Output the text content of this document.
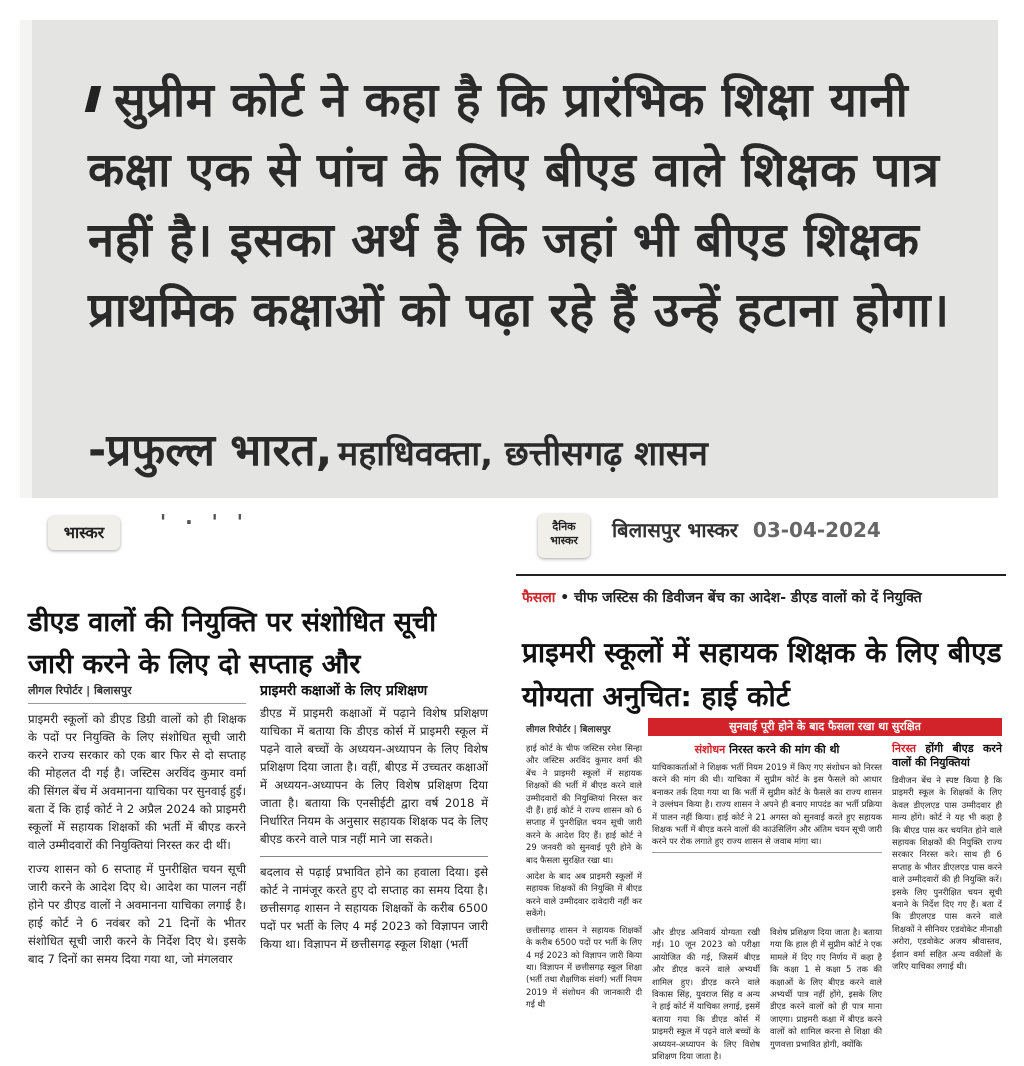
सुप्रीम कोर्ट ने कहा है कि प्रारंभिक शिक्षा यानी कक्षा एक से पांच के लिए बीएड वाले शिक्षक पात्र नहीं है। इसका अर्थ है कि जहां भी बीएड शिक्षक प्राथमिक कक्षाओं को पढ़ा रहे हैं उन्हें हटाना होगा।

-प्रफुल्ल भारत, महाधिवक्ता, छत्तीसगढ़ शासन
भास्कर	' · ' '
डीएड वालों की नियुक्ति पर संशोधित सूची जारी करने के लिए दो सप्ताह और
लीगल रिपोर्टर | बिलासपुर

प्राइमरी स्कूलों को डीएड डिग्री वालों को ही शिक्षक के पदों पर नियुक्ति के लिए संशोधित सूची जारी करने राज्य सरकार को एक बार फिर से दो सप्ताह की मोहलत दी गई है। जस्टिस अरविंद कुमार वर्मा की सिंगल बेंच में अवमानना याचिका पर सुनवाई हुई। बता दें कि हाई कोर्ट ने 2 अप्रैल 2024 को प्राइमरी स्कूलों में सहायक शिक्षकों की भर्ती में बीएड करने वाले उम्मीदवारों की नियुक्तियां निरस्त कर दी थीं।

राज्य शासन को 6 सप्ताह में पुनरीक्षित चयन सूची जारी करने के आदेश दिए थे। आदेश का पालन नहीं होने पर डीएड वालों ने अवमानना याचिका लगाई है। हाई कोर्ट ने 6 नवंबर को 21 दिनों के भीतर संशोधित सूची जारी करने के निर्देश दिए थे। इसके बाद 7 दिनों का समय दिया गया था, जो मंगलवार

प्राइमरी कक्षाओं के लिए प्रशिक्षण

डीएड में प्राइमरी कक्षाओं में पढ़ाने विशेष प्रशिक्षण याचिका में बताया कि डीएड कोर्स में प्राइमरी स्कूल में पढ़ने वाले बच्चों के अध्ययन-अध्यापन के लिए विशेष प्रशिक्षण दिया जाता है। वहीं, बीएड में उच्चतर कक्षाओं में अध्ययन-अध्यापन के लिए विशेष प्रशिक्षण दिया जाता है। बताया कि एनसीईटी द्वारा वर्ष 2018 में निर्धारित नियम के अनुसार सहायक शिक्षक पद के लिए बीएड करने वाले पात्र नहीं माने जा सकते।

बदलाव से पढ़ाई प्रभावित होने का हवाला दिया। इसे कोर्ट ने नामंजूर करते हुए दो सप्ताह का समय दिया है। छत्तीसगढ़ शासन ने सहायक शिक्षकों के करीब 6500 पदों पर भर्ती के लिए 4 मई 2023 को विज्ञापन जारी किया था। विज्ञापन में छत्तीसगढ़ स्कूल शिक्षा (भर्ती

दैनिक भास्कर	बिलासपुर भास्कर 03-04-2024
फैसला • चीफ जस्टिस की डिवीजन बेंच का आदेश- डीएड वालों को दें नियुक्ति
प्राइमरी स्कूलों में सहायक शिक्षक के लिए बीएड योग्यता अनुचित: हाई कोर्ट
लीगल रिपोर्टर | बिलासपुर	सुनवाई पूरी होने के बाद फैसला रखा था सुरक्षित

हाई कोर्ट के चीफ जस्टिस रमेश सिन्हा और जस्टिस अरविंद कुमार वर्मा की बेंच ने प्राइमरी स्कूलों में सहायक शिक्षकों की भर्ती में बीएड करने वाले उम्मीदवारों की नियुक्तियां निरस्त कर दी हैं। हाई कोर्ट ने राज्य शासन को 6 सप्ताह में पुनरीक्षित चयन सूची जारी करने के आदेश दिए हैं। हाई कोर्ट ने 29 जनवरी को सुनवाई पूरी होने के बाद फैसला सुरक्षित रखा था।

आदेश के बाद अब प्राइमरी स्कूलों में सहायक शिक्षकों की नियुक्ति में बीएड करने वाले उम्मीदवार दावेदारी नहीं कर सकेंगे।

छत्तीसगढ़ शासन ने सहायक शिक्षकों के करीब 6500 पदों पर भर्ती के लिए 4 मई 2023 को विज्ञापन जारी किया था। विज्ञापन में छत्तीसगढ़ स्कूल शिक्षा (भर्ती तथा शैक्षणिक संवर्ग) भर्ती नियम 2019 में संशोधन की जानकारी दी गई थी

संशोधन निरस्त करने की मांग की थी
याचिकाकर्ताओं ने शिक्षक भर्ती नियम 2019 में किए गए संशोधन को निरस्त करने की मांग की थी। याचिका में सुप्रीम कोर्ट के इस फैसले को आधार बनाकर तर्क दिया गया था कि भर्ती में सुप्रीम कोर्ट के फैसले का राज्य शासन ने उल्लंघन किया है। राज्य शासन ने अपने ही बनाए मापदंड का भर्ती प्रक्रिया में पालन नहीं किया। हाई कोर्ट ने 21 अगस्त को सुनवाई करते हुए सहायक शिक्षक भर्ती में बीएड करने वालों की काउंसिलिंग और अंतिम चयन सूची जारी करने पर रोक लगाते हुए राज्य शासन से जवाब मांगा था।

और डीएड अनिवार्य योग्यता रखी गई। 10 जून 2023 को परीक्षा आयोजित की गई, जिसमें बीएड और डीएड करने वाले अभ्यर्थी शामिल हुए। डीएड करने वाले विकास सिंह, युवराज सिंह व अन्य ने हाई कोर्ट में याचिका लगाई, इसमें बताया गया कि डीएड कोर्स में प्राइमरी स्कूल में पढ़ने वाले बच्चों के अध्ययन-अध्यापन के लिए विशेष प्रशिक्षण दिया जाता है।

विशेष प्रशिक्षण दिया जाता है। बताया गया कि हाल ही में सुप्रीम कोर्ट ने एक मामले में दिए गए निर्णय में कहा है कि कक्षा 1 से कक्षा 5 तक की कक्षाओं के लिए बीएड करने वाले अभ्यर्थी पात्र नहीं होंगे, इसके लिए डीएड करने वालों को ही पात्र माना जाएगा। प्राइमरी कक्षा में बीएड करने वालों को शामिल करना से शिक्षा की गुणवत्ता प्रभावित होगी, क्योंकि

निरस्त होंगी बीएड करने वालों की नियुक्तियां

डिवीजन बेंच ने स्पष्ट किया है कि प्राइमरी स्कूल के शिक्षकों के लिए केवल डीएलएड पास उम्मीदवार ही मान्य होंगे। कोर्ट ने यह भी कहा है कि बीएड पास कर चयनित होने वाले सहायक शिक्षकों की नियुक्ति राज्य सरकार निरस्त करे। साथ ही 6 सप्ताह के भीतर डीएलएड पास करने वाले उम्मीदवारों की ही नियुक्ति करें। इसके लिए पुनरीक्षित चयन सूची बनाने के निर्देश दिए गए हैं। बता दें कि डीएलएड पास करने वाले शिक्षकों ने सीनियर एडवोकेट मीनाक्षी अरोरा, एडवोकेट अजय श्रीवास्तव, ईशान वर्मा सहित अन्य वकीलों के जरिए याचिका लगाई थी।
